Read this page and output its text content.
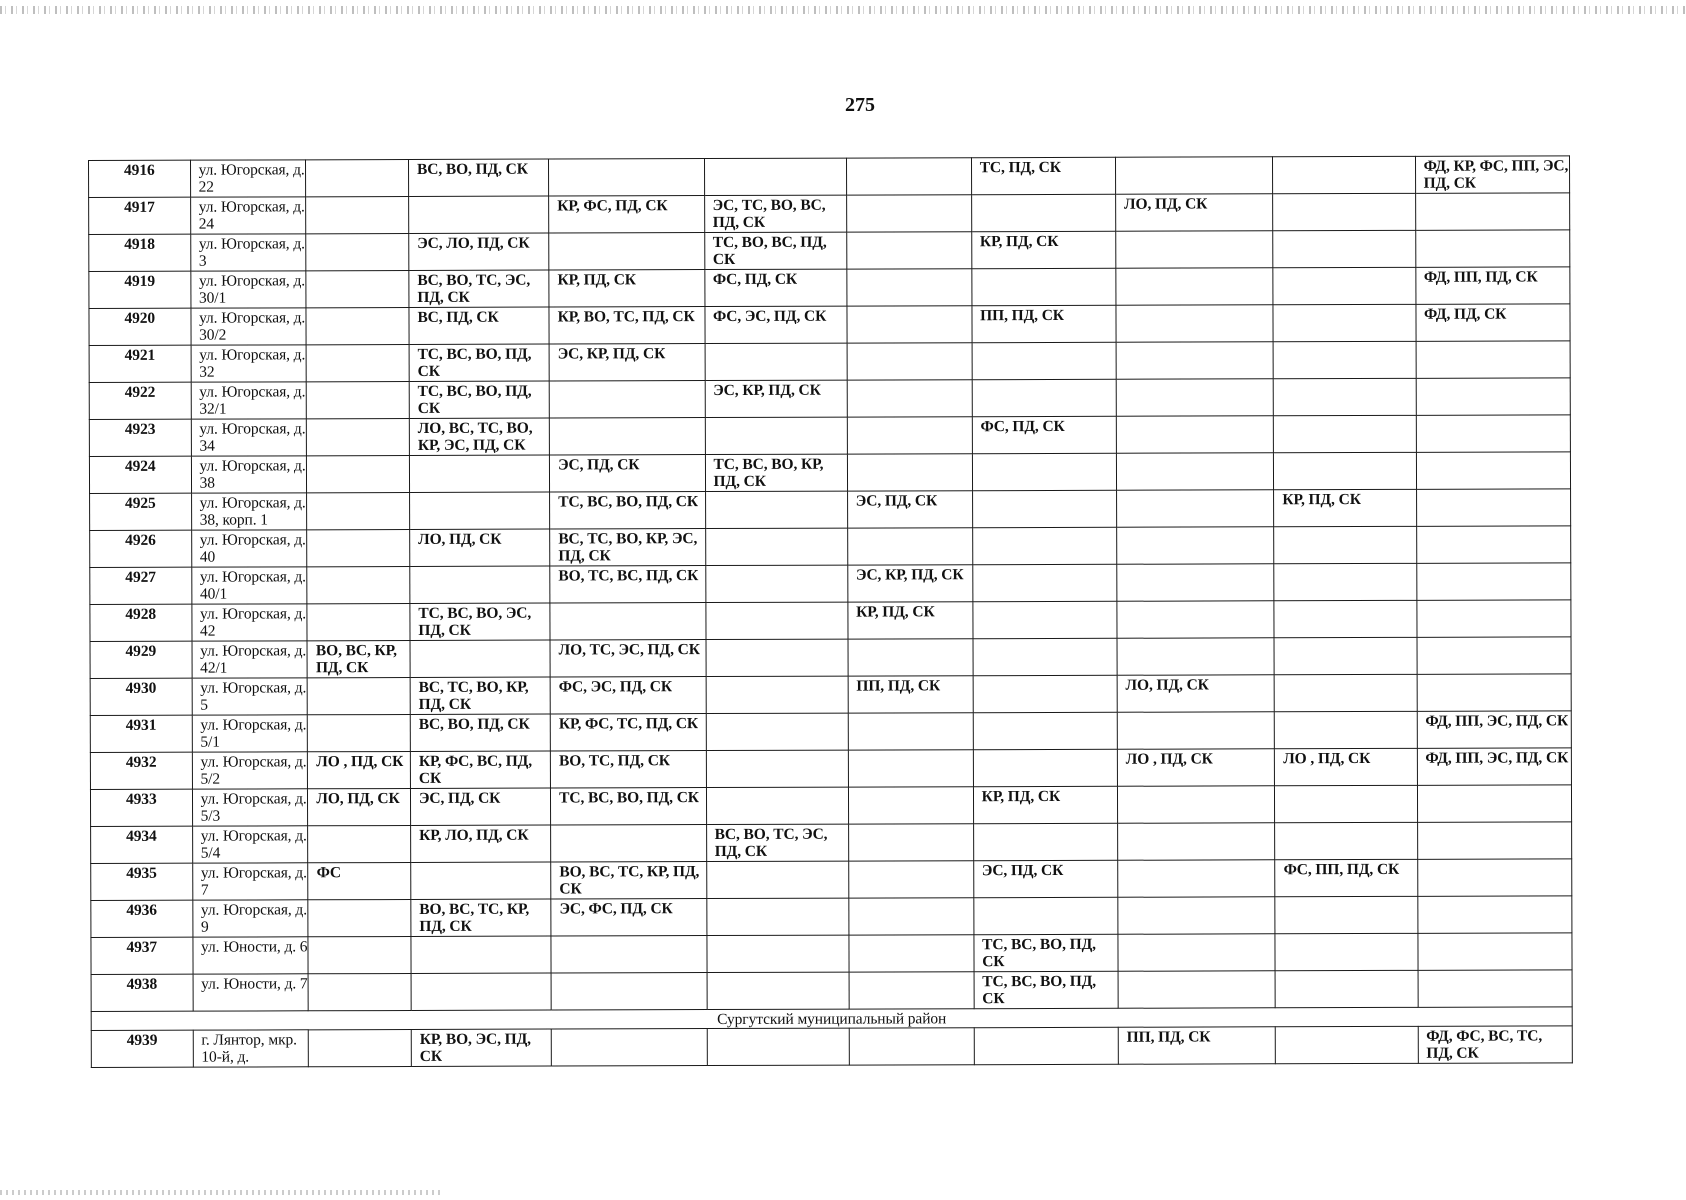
275
4916	ул. Югорская, д. 22		ВС, ВО, ПД, СК				ТС, ПД, СК			ФД, КР, ФС, ПП, ЭС, ПД, СК
4917	ул. Югорская, д. 24			КР, ФС, ПД, СК	ЭС, ТС, ВО, ВС, ПД, СК			ЛО, ПД, СК		
4918	ул. Югорская, д. 3		ЭС, ЛО, ПД, СК		ТС, ВО, ВС, ПД, СК		КР, ПД, СК			
4919	ул. Югорская, д. 30/1		ВС, ВО, ТС, ЭС, ПД, СК	КР, ПД, СК	ФС, ПД, СК					ФД, ПП, ПД, СК
4920	ул. Югорская, д. 30/2		ВС, ПД, СК	КР, ВО, ТС, ПД, СК	ФС, ЭС, ПД, СК		ПП, ПД, СК			ФД, ПД, СК
4921	ул. Югорская, д. 32		ТС, ВС, ВО, ПД, СК	ЭС, КР, ПД, СК						
4922	ул. Югорская, д. 32/1		ТС, ВС, ВО, ПД, СК		ЭС, КР, ПД, СК					
4923	ул. Югорская, д. 34		ЛО, ВС, ТС, ВО, КР, ЭС, ПД, СК				ФС, ПД, СК			
4924	ул. Югорская, д. 38			ЭС, ПД, СК	ТС, ВС, ВО, КР, ПД, СК					
4925	ул. Югорская, д. 38, корп. 1			ТС, ВС, ВО, ПД, СК		ЭС, ПД, СК			КР, ПД, СК	
4926	ул. Югорская, д. 40		ЛО, ПД, СК	ВС, ТС, ВО, КР, ЭС, ПД, СК						
4927	ул. Югорская, д. 40/1			ВО, ТС, ВС, ПД, СК		ЭС, КР, ПД, СК				
4928	ул. Югорская, д. 42		ТС, ВС, ВО, ЭС, ПД, СК			КР, ПД, СК				
4929	ул. Югорская, д. 42/1	ВО, ВС, КР, ПД, СК		ЛО, ТС, ЭС, ПД, СК						
4930	ул. Югорская, д. 5		ВС, ТС, ВО, КР, ПД, СК	ФС, ЭС, ПД, СК		ПП, ПД, СК		ЛО, ПД, СК		
4931	ул. Югорская, д. 5/1		ВС, ВО, ПД, СК	КР, ФС, ТС, ПД, СК						ФД, ПП, ЭС, ПД, СК
4932	ул. Югорская, д. 5/2	ЛО , ПД, СК	КР, ФС, ВС, ПД, СК	ВО, ТС, ПД, СК				ЛО , ПД, СК	ЛО , ПД, СК	ФД, ПП, ЭС, ПД, СК
4933	ул. Югорская, д. 5/3	ЛО, ПД, СК	ЭС, ПД, СК	ТС, ВС, ВО, ПД, СК			КР, ПД, СК			
4934	ул. Югорская, д. 5/4		КР, ЛО, ПД, СК		ВС, ВО, ТС, ЭС, ПД, СК					
4935	ул. Югорская, д. 7	ФС		ВО, ВС, ТС, КР, ПД, СК			ЭС, ПД, СК		ФС, ПП, ПД, СК	
4936	ул. Югорская, д. 9		ВО, ВС, ТС, КР, ПД, СК	ЭС, ФС, ПД, СК						
4937	ул. Юности, д. 6						ТС, ВС, ВО, ПД, СК			
4938	ул. Юности, д. 7						ТС, ВС, ВО, ПД, СК			
Сургутский муниципальный район										
4939	г. Лянтор, мкр. 10-й, д.		КР, ВО, ЭС, ПД, СК					ПП, ПД, СК		ФД, ФС, ВС, ТС, ПД, СК
